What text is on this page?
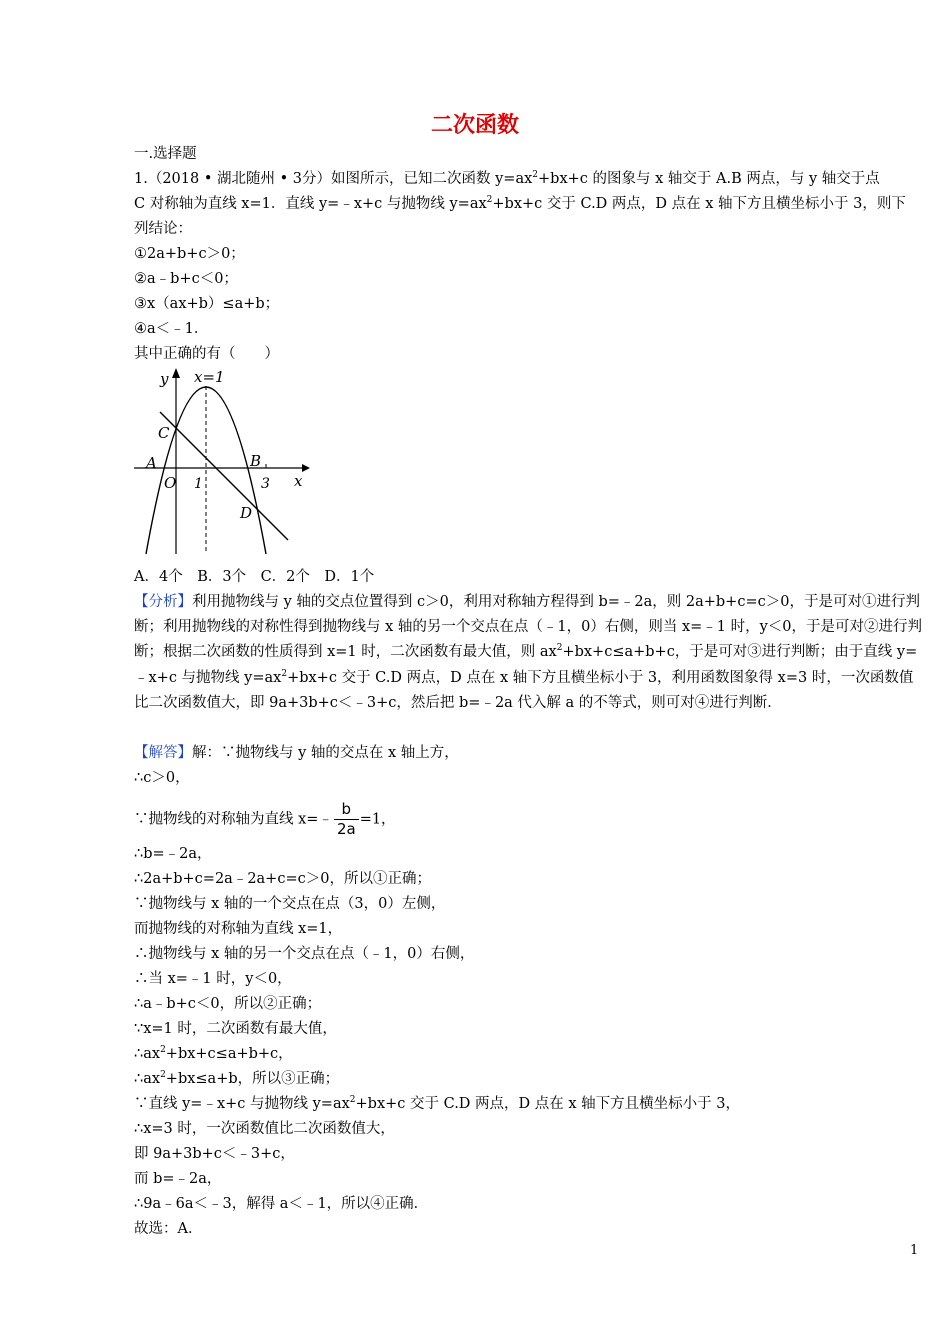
二次函数
一.选择题
1.（2018 • 湖北随州 • 3分）如图所示，已知二次函数 $y=ax^2+bx+c$ 的图象与 x 轴交于 A.B 两点，与 y 轴交于点
C 对称轴为直线 x=1．直线 y=﹣x+c 与抛物线 $y=ax^2+bx+c$ 交于 C.D 两点，D 点在 x 轴下方且横坐标小于 3，则下
列结论：
①2a+b+c＞0；
②a﹣b+c＜0；
③x（ax+b）≤a+b；
④a＜﹣1．
其中正确的有（　　）
y x=1
C
A	B
O 1	3 x
D
A．4个　B．3个　C．2个　D．1个
【分析】利用抛物线与 y 轴的交点位置得到 c＞0，利用对称轴方程得到 b=﹣2a，则 2a+b+c=c＞0，于是可对①进行判断；利用抛物线的对称性得到抛物线与 x 轴的另一个交点在点（﹣1，0）右侧，则当 x=﹣1 时，y＜0，于是可对②进行判断；根据二次函数的性质得到 x=1 时，二次函数有最大值，则 $ax^2+bx+c\le a+b+c$，于是可对③进行判断；由于直线 y=﹣x+c 与抛物线 $y=ax^2+bx+c$ 交于 C.D 两点，D 点在 x 轴下方且横坐标小于 3，利用函数图象得 x=3 时，一次函数值比二次函数值大，即 9a+3b+c＜﹣3+c，然后把 b=﹣2a 代入解 a 的不等式，则可对④进行判断．
【解答】解：∵抛物线与 y 轴的交点在 x 轴上方，
∴c＞0，
∵抛物线的对称轴为直线 x=﹣ $\frac{b}{2a} =1$，
∴b=﹣2a，
∴2a+b+c=2a﹣2a+c=c＞0，所以①正确；
∵抛物线与 x 轴的一个交点在点（3，0）左侧，
而抛物线的对称轴为直线 x=1，
∴抛物线与 x 轴的另一个交点在点（﹣1，0）右侧，
∴当 x=﹣1 时，y＜0，
∴a﹣b+c＜0，所以②正确；
∵x=1 时，二次函数有最大值，
$\therefore ax^2+bx+c\le a+b+c$，
$\therefore ax^2+bx\le a+b$，所以③正确；
∵直线 y=﹣x+c 与抛物线 $y=ax^2+bx+c$ 交于 C.D 两点，D 点在 x 轴下方且横坐标小于 3，
∴x=3 时，一次函数值比二次函数值大，
即 9a+3b+c＜﹣3+c，
而 b=﹣2a，
∴9a﹣6a＜﹣3，解得 a＜﹣1，所以④正确．
故选：A．
1
